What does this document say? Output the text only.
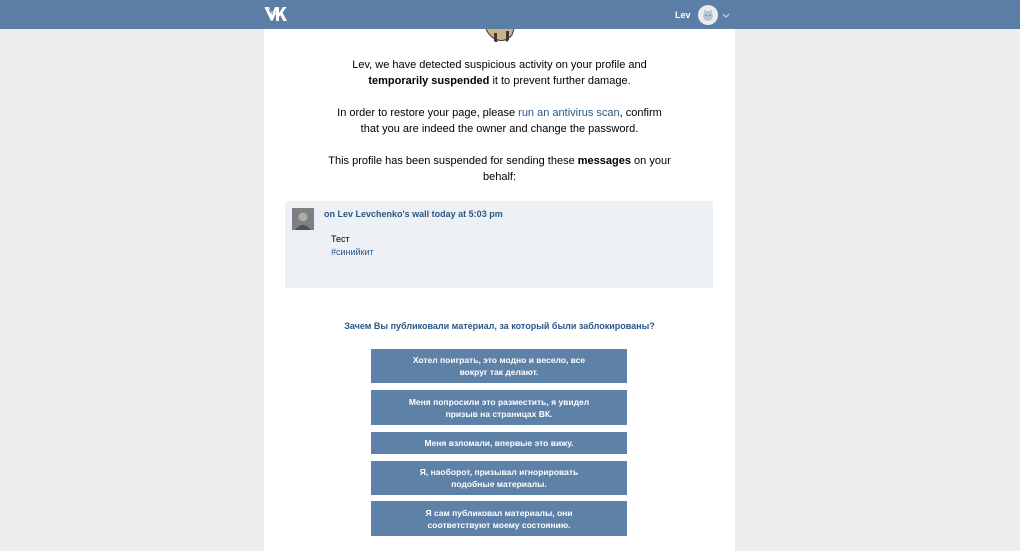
Lev
Lev, we have detected suspicious activity on your profile and
temporarily suspended it to prevent further damage.
In order to restore your page, please run an antivirus scan, confirm
that you are indeed the owner and change the password.
This profile has been suspended for sending these messages on your
behalf:
on Lev Levchenko's wall today at 5:03 pm
Тест
#синийкит
Зачем Вы публиковали материал, за который были заблокированы?
Хотел поиграть, это модно и весело, все вокруг так делают.
Меня попросили это разместить, я увидел призыв на страницах ВК.
Меня взломали, впервые это вижу.
Я, наоборот, призывал игнорировать подобные материалы.
Я сам публиковал материалы, они соответствуют моему состоянию.
